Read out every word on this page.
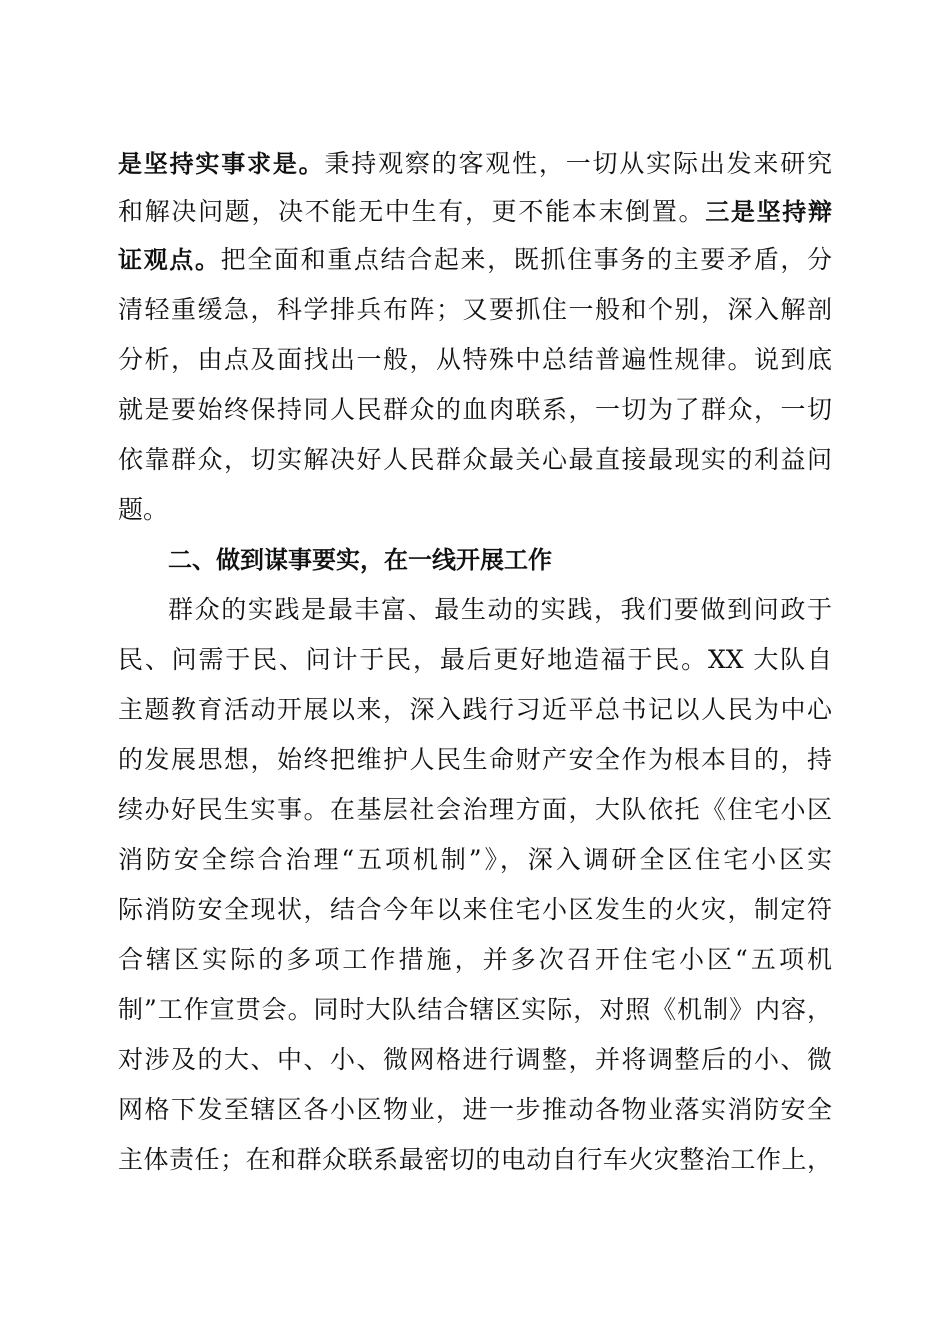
是坚持实事求是。秉持观察的客观性，一切从实际出发来研究
和解决问题，决不能无中生有，更不能本末倒置。三是坚持辩
证观点。把全面和重点结合起来，既抓住事务的主要矛盾，分
清轻重缓急，科学排兵布阵；又要抓住一般和个别，深入解剖
分析，由点及面找出一般，从特殊中总结普遍性规律。说到底
就是要始终保持同人民群众的血肉联系，一切为了群众，一切
依靠群众，切实解决好人民群众最关心最直接最现实的利益问
题。
二、做到谋事要实，在一线开展工作
群众的实践是最丰富、最生动的实践，我们要做到问政于
民、问需于民、问计于民，最后更好地造福于民。XX 大队自
主题教育活动开展以来，深入践行习近平总书记以人民为中心
的发展思想，始终把维护人民生命财产安全作为根本目的，持
续办好民生实事。在基层社会治理方面，大队依托《住宅小区
消防安全综合治理“五项机制”》，深入调研全区住宅小区实
际消防安全现状，结合今年以来住宅小区发生的火灾，制定符
合辖区实际的多项工作措施，并多次召开住宅小区“五项机
制”工作宣贯会。同时大队结合辖区实际，对照《机制》内容，
对涉及的大、中、小、微网格进行调整，并将调整后的小、微
网格下发至辖区各小区物业，进一步推动各物业落实消防安全
主体责任；在和群众联系最密切的电动自行车火灾整治工作上，
